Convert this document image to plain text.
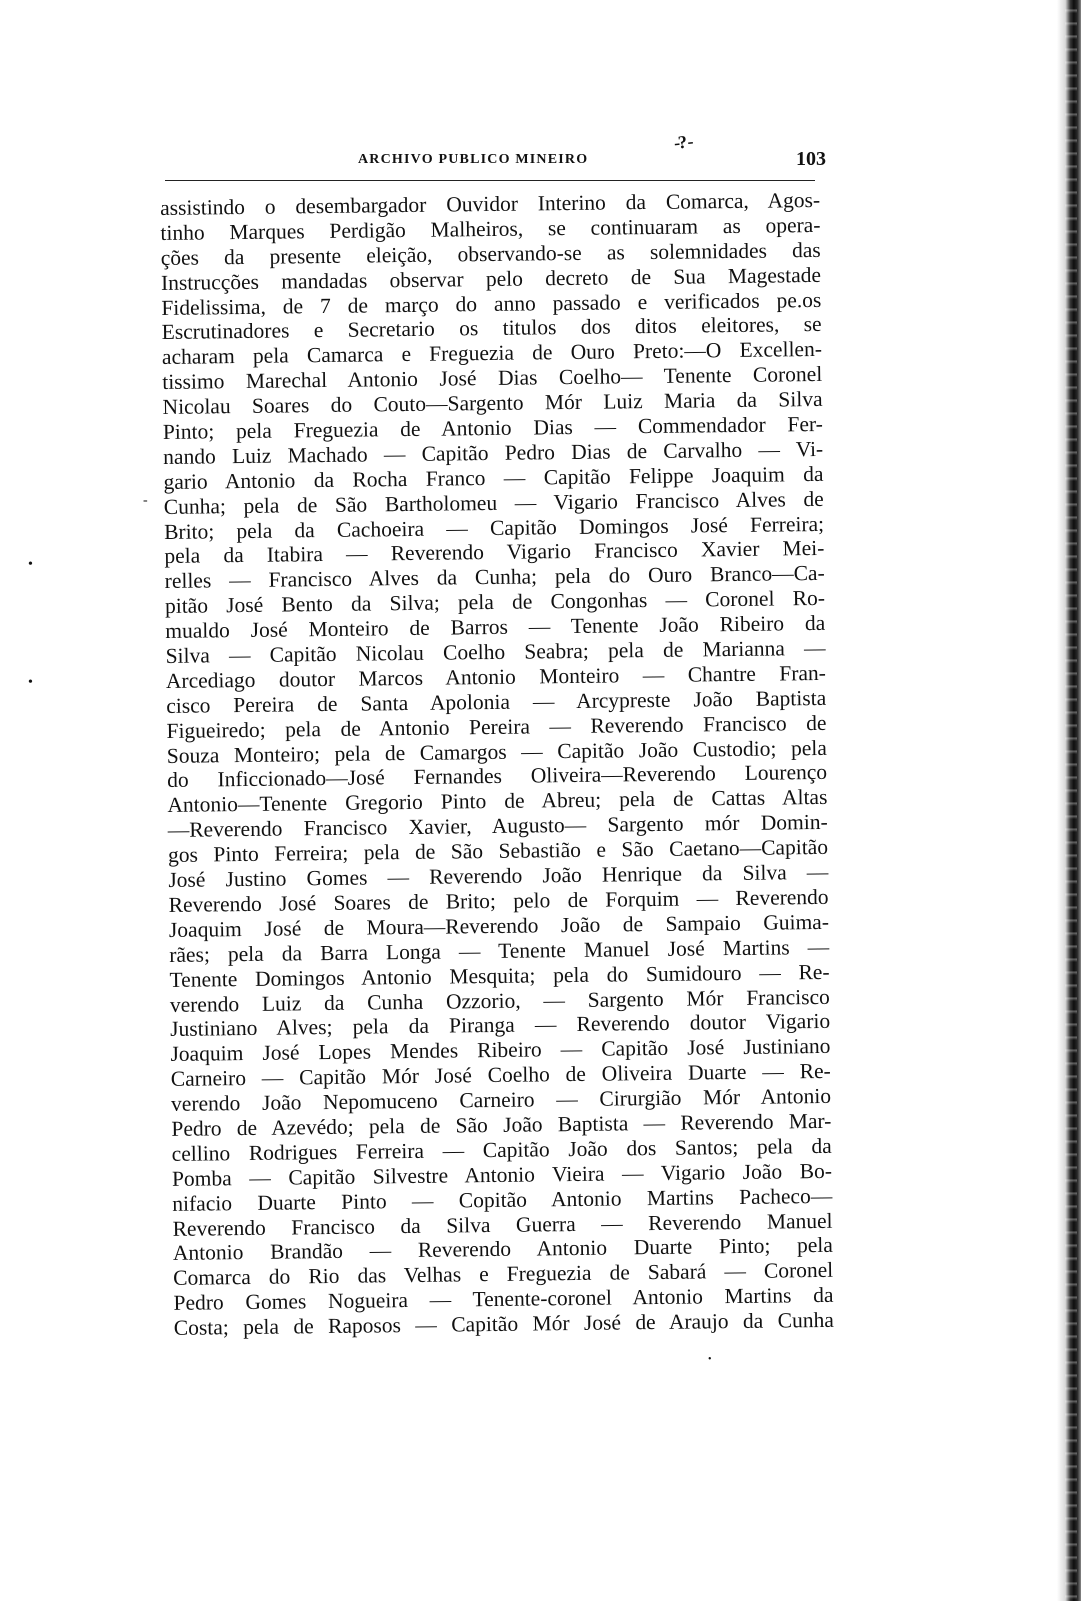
ARCHIVO PUBLICO MINEIRO
-? -
103
assistindo o desembargador Ouvidor Interino da Comarca, Agos-
tinho Marques Perdigão Malheiros, se continuaram as opera-
ções da presente eleição, observando-se as solemnidades das
Instrucções mandadas observar pelo decreto de Sua Magestade
Fidelissima, de 7 de março do anno passado e verificados pe.os
Escrutinadores e Secretario os titulos dos ditos eleitores, se
acharam pela Camarca e Freguezia de Ouro Preto:—O Excellen-
tissimo Marechal Antonio José Dias Coelho— Tenente Coronel
Nicolau Soares do Couto—Sargento Mór Luiz Maria da Silva
Pinto; pela Freguezia de Antonio Dias — Commendador Fer-
nando Luiz Machado — Capitão Pedro Dias de Carvalho — Vi-
gario Antonio da Rocha Franco — Capitão Felippe Joaquim da
Cunha; pela de São Bartholomeu — Vigario Francisco Alves de
Brito; pela da Cachoeira — Capitão Domingos José Ferreira;
pela da Itabira — Reverendo Vigario Francisco Xavier Mei-
relles — Francisco Alves da Cunha; pela do Ouro Branco—Ca-
pitão José Bento da Silva; pela de Congonhas — Coronel Ro-
mualdo José Monteiro de Barros — Tenente João Ribeiro da
Silva — Capitão Nicolau Coelho Seabra; pela de Marianna —
Arcediago doutor Marcos Antonio Monteiro — Chantre Fran-
cisco Pereira de Santa Apolonia — Arcypreste João Baptista
Figueiredo; pela de Antonio Pereira — Reverendo Francisco de
Souza Monteiro; pela de Camargos — Capitão João Custodio; pela
do Inficcionado—José Fernandes Oliveira—Reverendo Lourenço
Antonio—Tenente Gregorio Pinto de Abreu; pela de Cattas Altas
—Reverendo Francisco Xavier, Augusto— Sargento mór Domin-
gos Pinto Ferreira; pela de São Sebastião e São Caetano—Capitão
José Justino Gomes — Reverendo João Henrique da Silva —
Reverendo José Soares de Brito; pelo de Forquim — Reverendo
Joaquim José de Moura—Reverendo João de Sampaio Guima-
rães; pela da Barra Longa — Tenente Manuel José Martins —
Tenente Domingos Antonio Mesquita; pela do Sumidouro — Re-
verendo Luiz da Cunha Ozzorio, — Sargento Mór Francisco
Justiniano Alves; pela da Piranga — Reverendo doutor Vigario
Joaquim José Lopes Mendes Ribeiro — Capitão José Justiniano
Carneiro — Capitão Mór José Coelho de Oliveira Duarte — Re-
verendo João Nepomuceno Carneiro — Cirurgião Mór Antonio
Pedro de Azevédo; pela de São João Baptista — Reverendo Mar-
cellino Rodrigues Ferreira — Capitão João dos Santos; pela da
Pomba — Capitão Silvestre Antonio Vieira — Vigario João Bo-
nifacio Duarte Pinto — Copitão Antonio Martins Pacheco—
Reverendo Francisco da Silva Guerra — Reverendo Manuel
Antonio Brandão — Reverendo Antonio Duarte Pinto; pela
Comarca do Rio das Velhas e Freguezia de Sabará — Coronel
Pedro Gomes Nogueira — Tenente-coronel Antonio Martins da
Costa; pela de Raposos — Capitão Mór José de Araujo da Cunha
-
•
•
•
